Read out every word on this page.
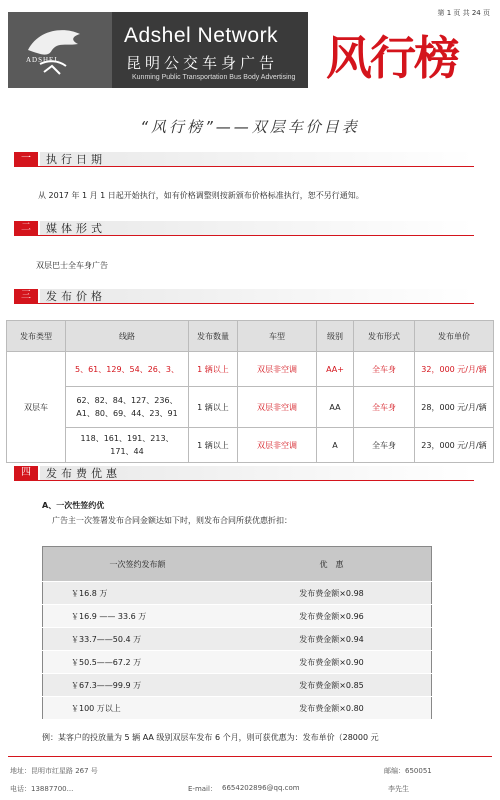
ADSHEL
Adshel Network
昆明公交车身广告
Kunming Public Transportation Bus Body Advertising 风行榜
第 1 页 共 24 页
“风行榜”——双层车价目表
一	执行日期
从 2017 年 1 月 1 日起开始执行，如有价格调整则按新颁布价格标准执行，恕不另行通知。
二	媒体形式
双层巴士全车身广告
三	发布价格
发布类型	线路	发布数量	车型	级别	发布形式	发布单价
双层车	5、61、129、54、26、3、	1 辆以上	双层非空调	AA+	全车身	32，000 元/月/辆
	62、82、84、127、236、A1、80、69、44、23、91	1 辆以上	双层非空调	AA	全车身	28，000 元/月/辆
	118、161、191、213、171、44	1 辆以上	双层非空调	A	全车身	23，000 元/月/辆
四	发布费优惠
A、一次性签约优
广告主一次签署发布合同金额达如下时，则发布合同所获优惠折扣：
一次签约发布额	优　惠
￥16.8 万	发布费金额×0.98
￥16.9 —— 33.6 万	发布费金额×0.96
￥33.7——50.4 万	发布费金额×0.94
￥50.5——67.2 万	发布费金额×0.90
￥67.3——99.9 万	发布费金额×0.85
￥100 万以上	发布费金额×0.80
例：某客户的投放量为 5 辆 AA 级别双层车发布 6 个月，则可获优惠为：发布单价（28000 元
地址：昆明市红星路 267 号	邮编：650051
电话：13887700...	E-mail： 6654202896@qq.com	李先生
